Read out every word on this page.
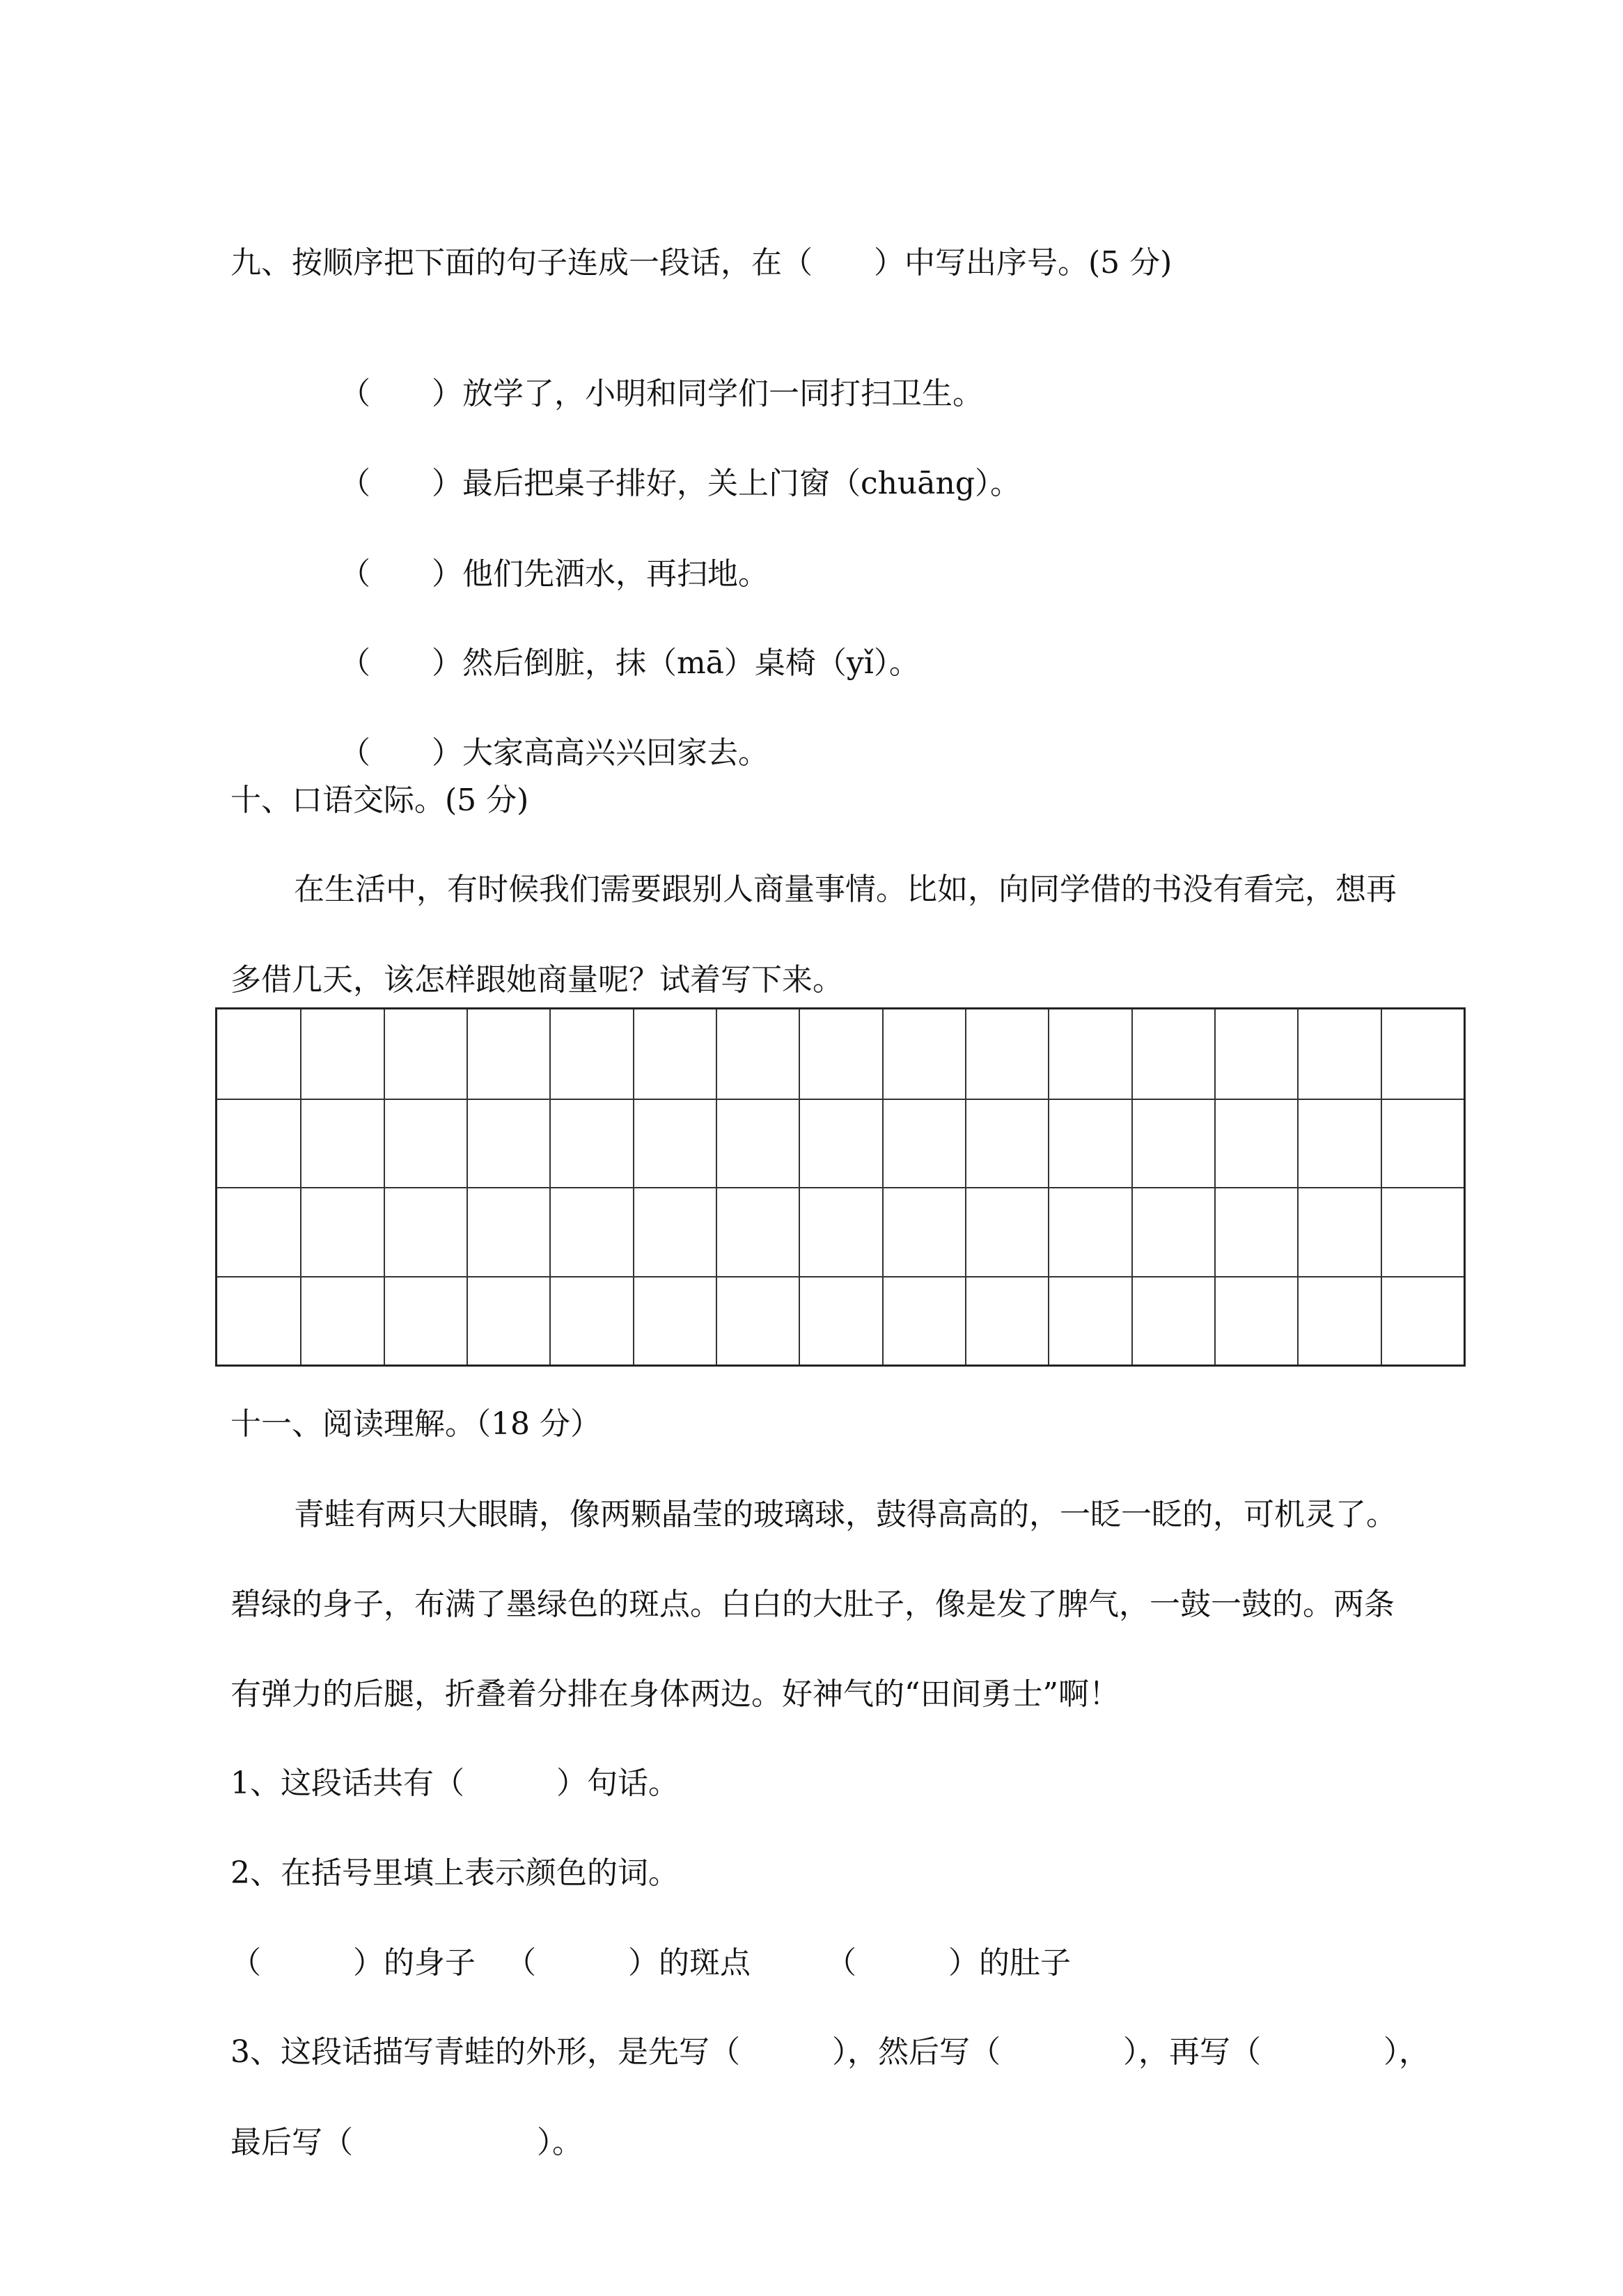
九、按顺序把下面的句子连成一段话，在（　　）中写出序号。(5 分)

（　　）放学了，小明和同学们一同打扫卫生。

（　　）最后把桌子排好，关上门窗（chuāng）。

（　　）他们先洒水，再扫地。

（　　）然后倒脏，抹（mā）桌椅（yǐ）。

（　　）大家高高兴兴回家去。

十、口语交际。(5 分)
在生活中，有时候我们需要跟别人商量事情。比如，向同学借的书没有看完，想再
多借几天，该怎样跟她商量呢？试着写下来。
十一、阅读理解。（18 分）
青蛙有两只大眼睛，像两颗晶莹的玻璃球，鼓得高高的，一眨一眨的，可机灵了。
碧绿的身子，布满了墨绿色的斑点。白白的大肚子，像是发了脾气，一鼓一鼓的。两条
有弹力的后腿，折叠着分排在身体两边。好神气的“田间勇士”啊！
1、这段话共有（　　　）句话。
2、在括号里填上表示颜色的词。
（　　　）的身子 （　　　）的斑点 （　　　）的肚子
3、这段话描写青蛙的外形，是先写（　　　），然后写（　　　　），再写（　　　　），
最后写（　　　　　　）。
